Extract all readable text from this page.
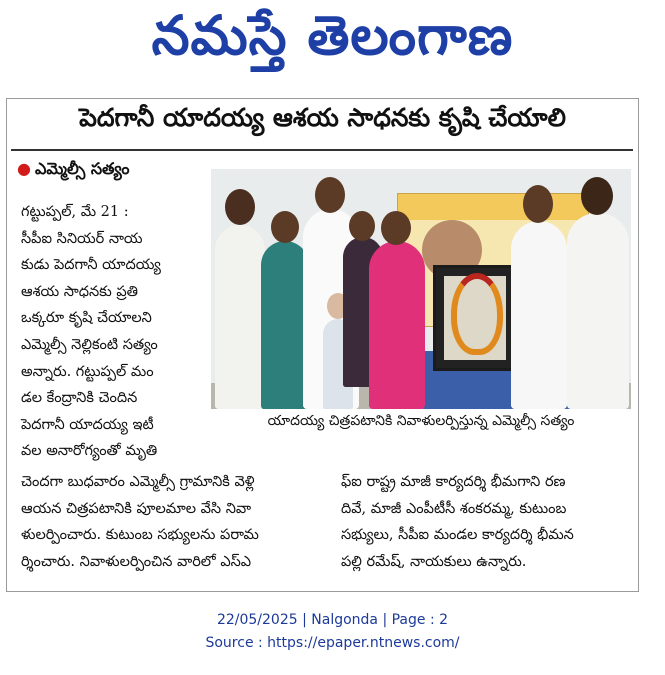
నమస్తే తెలంగాణ
పెదగానీ యాదయ్య ఆశయ సాధనకు కృషి చేయాలి
● ఎమ్మెల్సీ సత్యం
గట్టుప్పల్, మే 21 :
సీపీఐ సినియర్ నాయ
కుడు పెదగానీ యాదయ్య
ఆశయ సాధనకు ప్రతి
ఒక్కరూ కృషి చేయాలని
ఎమ్మెల్సీ నెల్లికంటి సత్యం
అన్నారు. గట్టుప్పల్ మం
డల కేంద్రానికి చెందిన
పెదగానీ యాదయ్య ఇటీ
వల అనారోగ్యంతో మృతి
యాదయ్య చిత్రపటానికి నివాళులర్పిస్తున్న ఎమ్మెల్సీ సత్యం
చెందగా బుధవారం ఎమ్మెల్సీ గ్రామానికి వెళ్లి
ఆయన చిత్రపటానికి పూలమాల వేసి నివా
ళులర్పించారు. కుటుంబ సభ్యులను పరామ
ర్శించారు. నివాళులర్పించిన వారిలో ఎస్‌ఎ
ఫ్‌ఐ రాష్ట్ర మాజీ కార్యదర్శి భీమగాని రణ
దివే, మాజీ ఎంపీటీసీ శంకరమ్మ, కుటుంబ
సభ్యులు, సీపీఐ మండల కార్యదర్శి భీమన
పల్లి రమేష్, నాయకులు ఉన్నారు.
22/05/2025 | Nalgonda | Page : 2
Source : https://epaper.ntnews.com/
